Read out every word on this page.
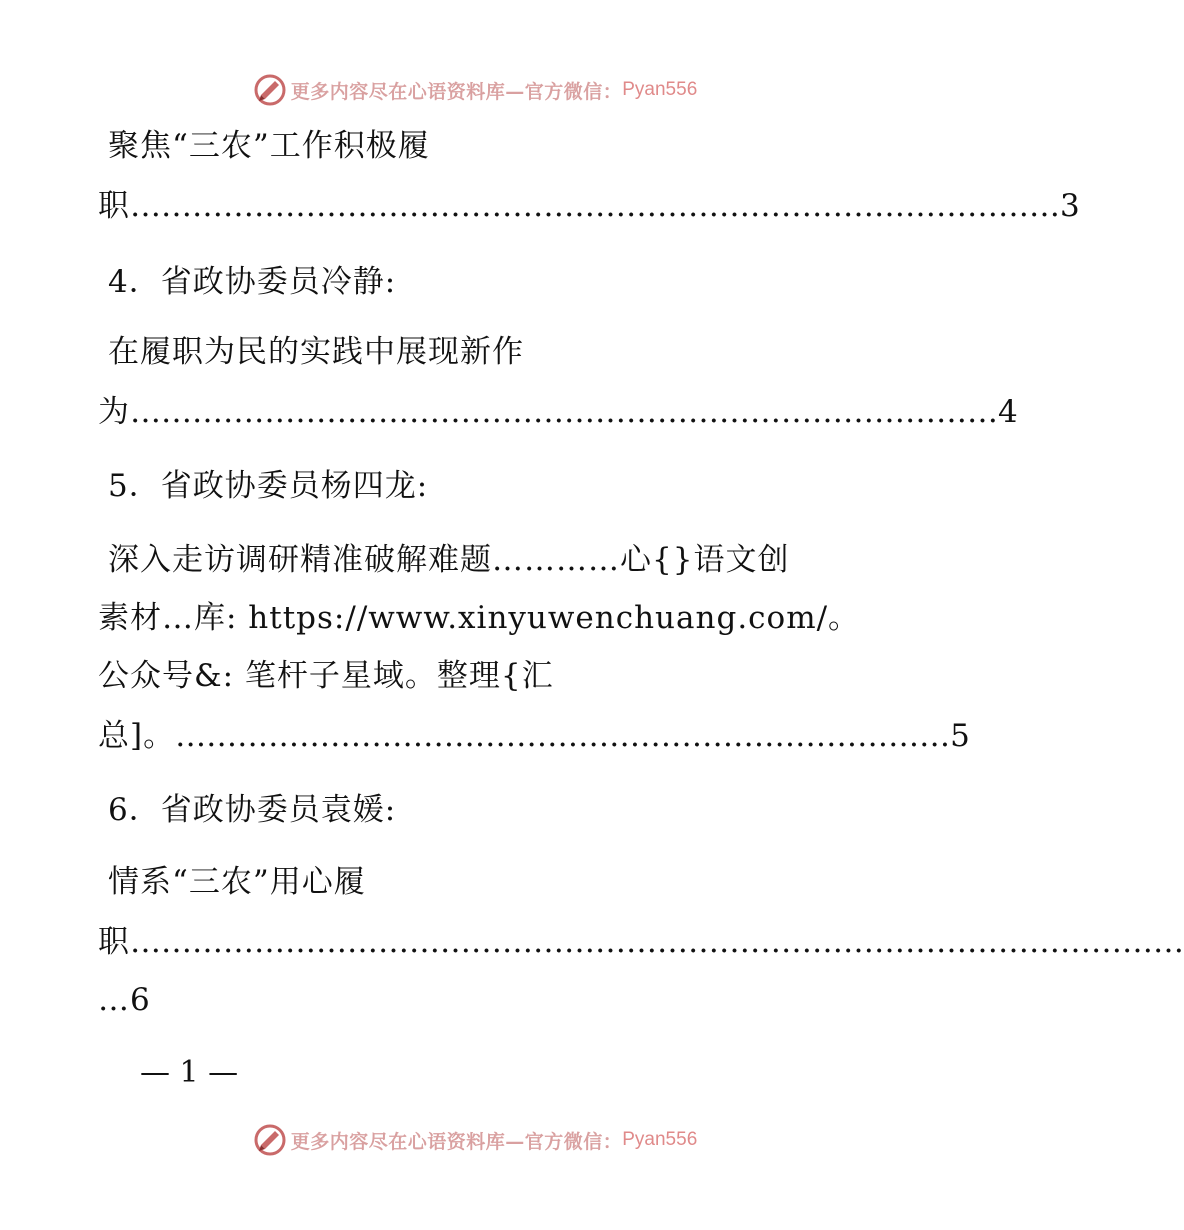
更多内容尽在心语资料库—官方微信： Pyan556
聚焦“三农”工作积极履
职………………………………………………………………………………3
4．省政协委员冷静:
在履职为民的实践中展现新作
为…………………………………………………………………………4
5．省政协委员杨四龙:
深入走访调研精准破解难题…………心{}语文创
素材…库: https://www.xinyuwenchuang.com/。
公众号&: 笔杆子星域。整理{汇
总]。…………………………………………………………………5
6．省政协委员袁媛:
情系“三农”用心履
职…………………………………………………………………………………………
…6
— 1 —
更多内容尽在心语资料库—官方微信： Pyan556
